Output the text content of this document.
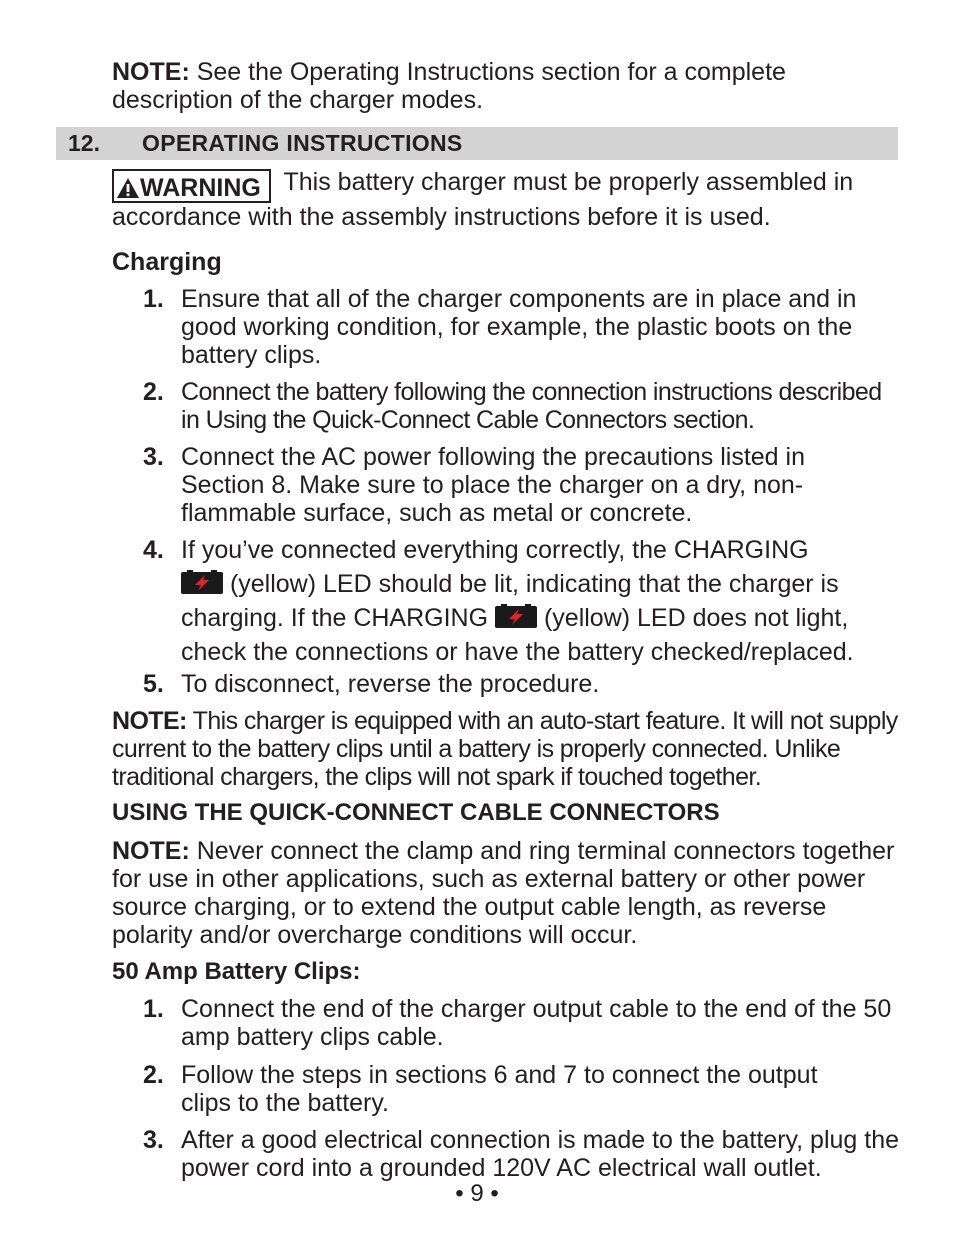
NOTE: See the Operating Instructions section for a complete description of the charger modes.
12. OPERATING INSTRUCTIONS
WARNING This battery charger must be properly assembled in accordance with the assembly instructions before it is used.
Charging
1. Ensure that all of the charger components are in place and in good working condition, for example, the plastic boots on the battery clips.
2. Connect the battery following the connection instructions described in Using the Quick-Connect Cable Connectors section.
3. Connect the AC power following the precautions listed in Section 8. Make sure to place the charger on a dry, non-flammable surface, such as metal or concrete.
4. If you’ve connected everything correctly, the CHARGING
(yellow) LED should be lit, indicating that the charger is charging. If the CHARGING  (yellow) LED does not light, check the connections or have the battery checked/replaced.
5. To disconnect, reverse the procedure.
NOTE: This charger is equipped with an auto-start feature. It will not supply current to the battery clips until a battery is properly connected. Unlike traditional chargers, the clips will not spark if touched together.
USING THE QUICK-CONNECT CABLE CONNECTORS
NOTE: Never connect the clamp and ring terminal connectors together for use in other applications, such as external battery or other power source charging, or to extend the output cable length, as reverse polarity and/or overcharge conditions will occur.
50 Amp Battery Clips:
1. Connect the end of the charger output cable to the end of the 50 amp battery clips cable.
2. Follow the steps in sections 6 and 7 to connect the output clips to the battery.
3. After a good electrical connection is made to the battery, plug the power cord into a grounded 120V AC electrical wall outlet.
• 9 •
